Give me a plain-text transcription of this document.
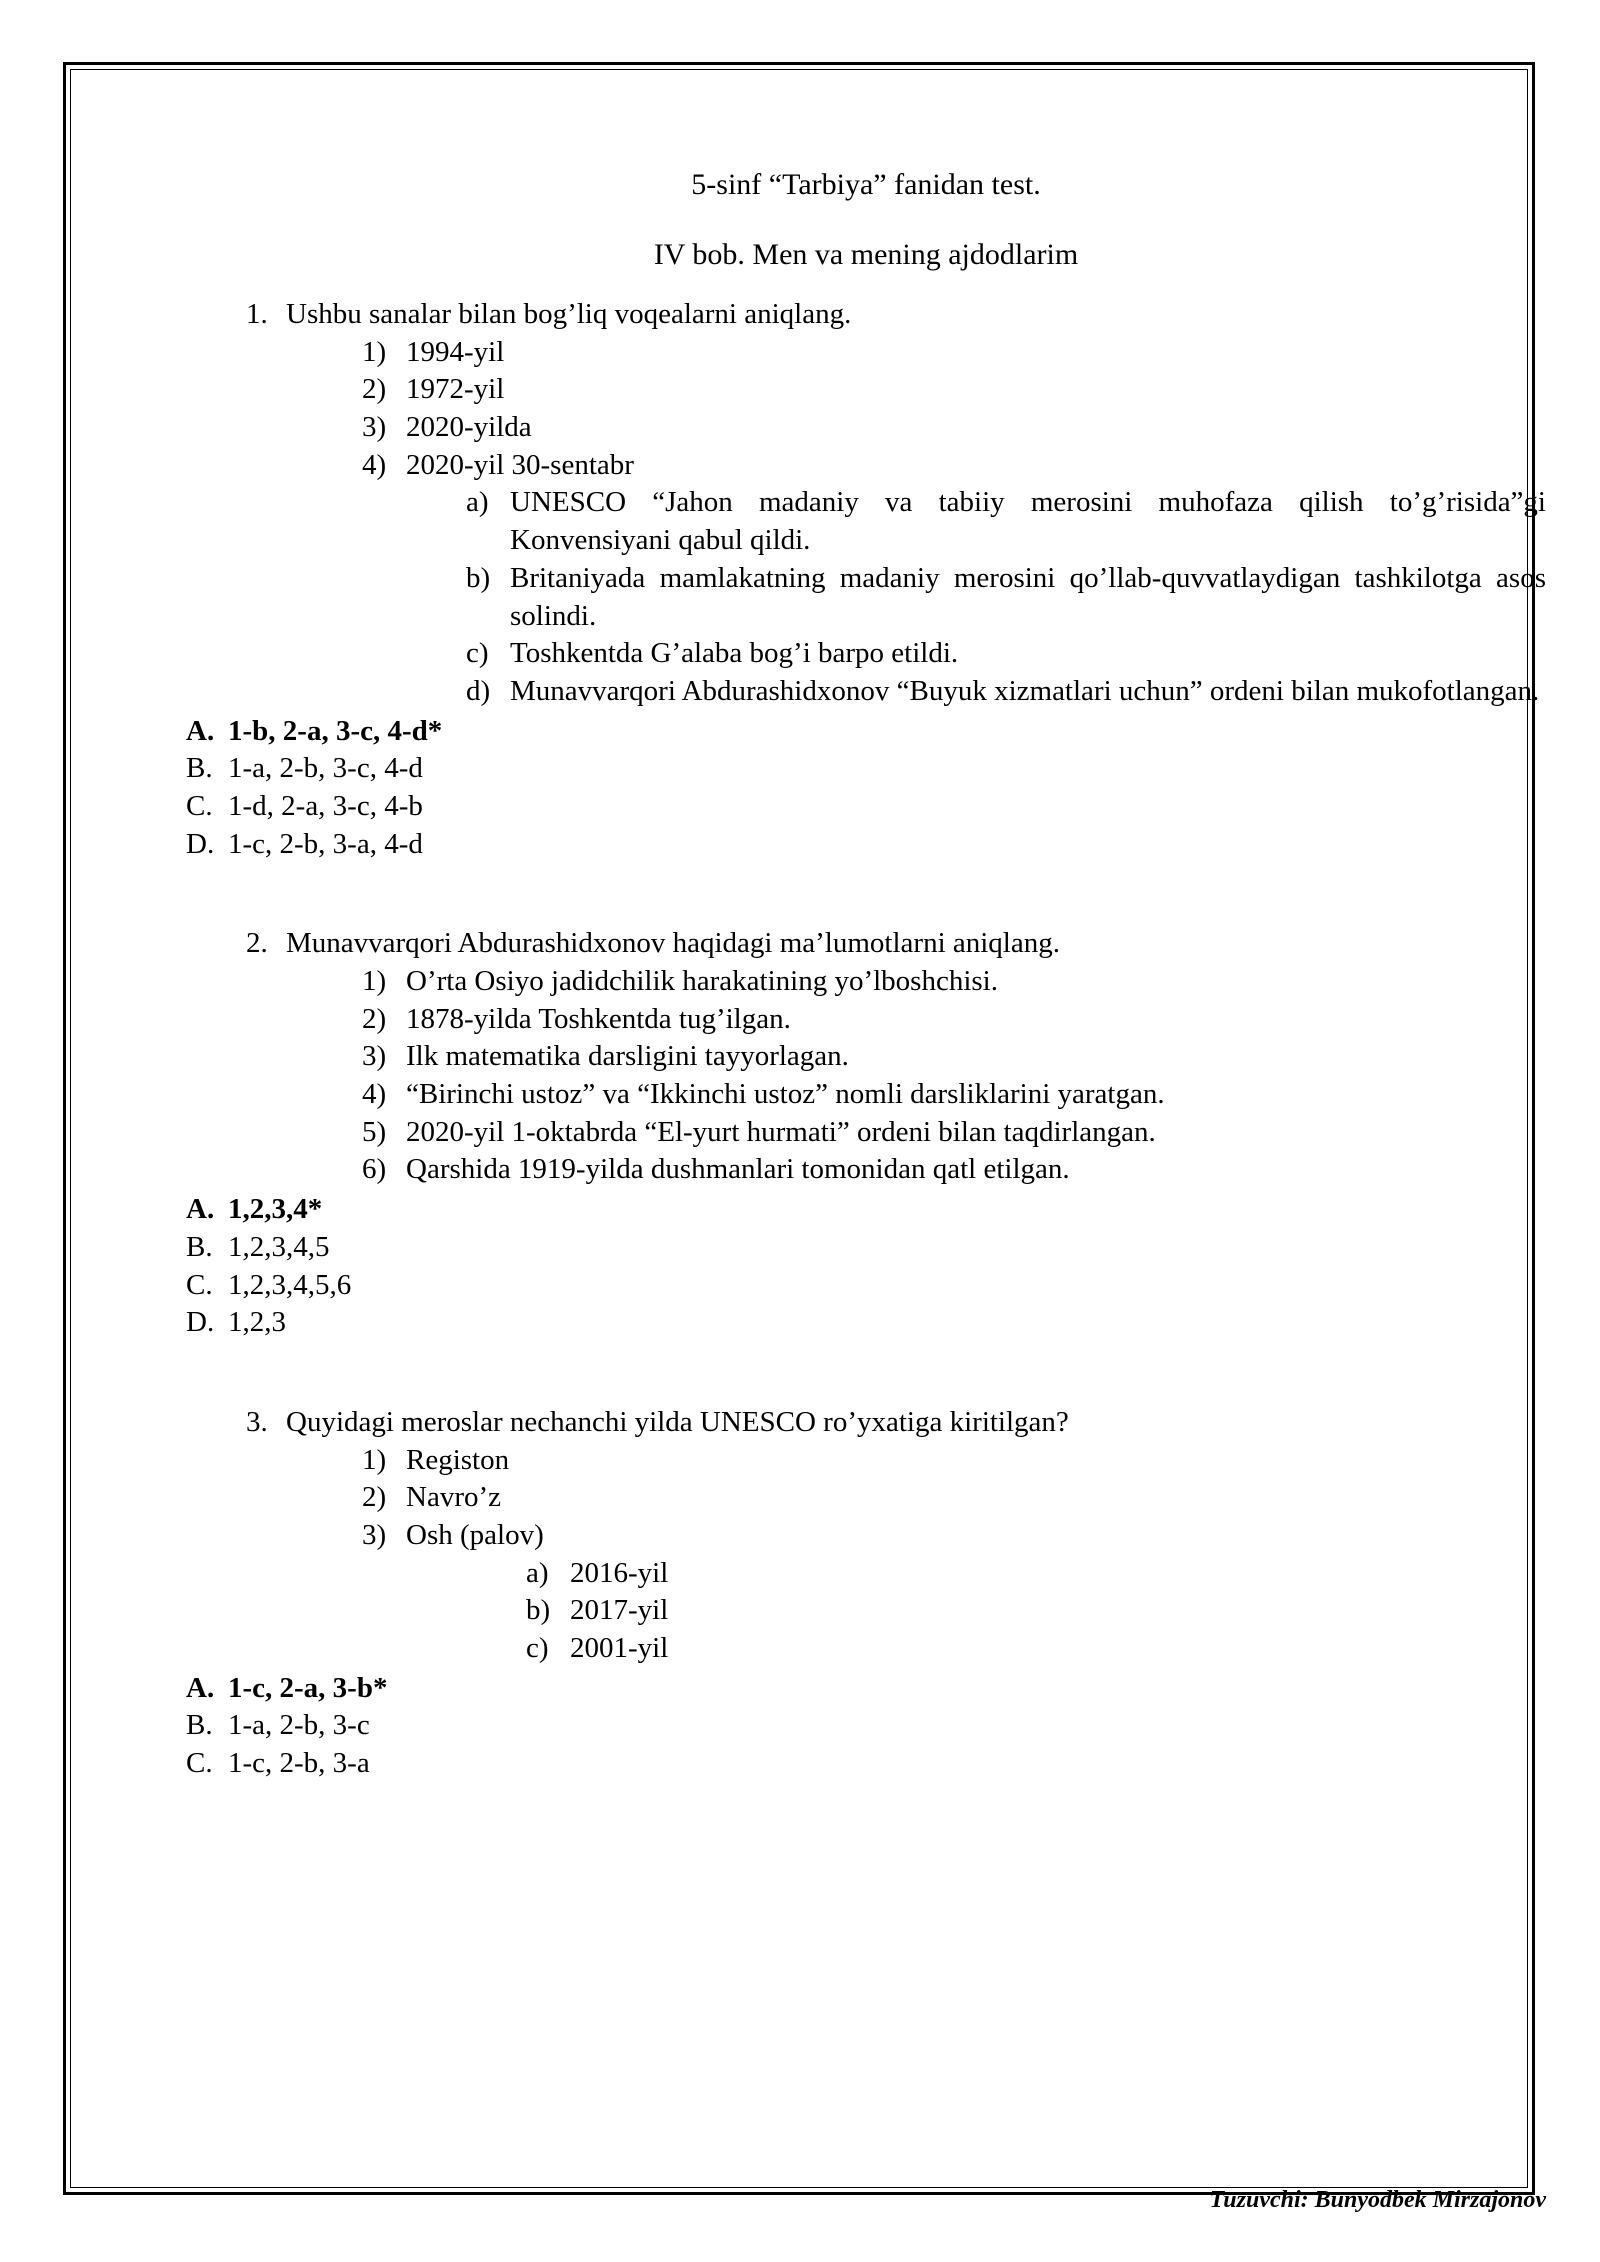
5-sinf “Tarbiya” fanidan test.
IV bob. Men va mening ajdodlarim
1. Ushbu sanalar bilan bog’liq voqealarni aniqlang.
1) 1994-yil
2) 1972-yil
3) 2020-yilda
4) 2020-yil 30-sentabr
a) UNESCO “Jahon madaniy va tabiiy merosini muhofaza qilish to’g’risida”gi Konvensiyani qabul qildi.
b) Britaniyada mamlakatning madaniy merosini qo’llab-quvvatlaydigan tashkilotga asos solindi.
c) Toshkentda G’alaba bog’i barpo etildi.
d) Munavvarqori Abdurashidxonov “Buyuk xizmatlari uchun” ordeni bilan mukofotlangan.
A. 1-b, 2-a, 3-c, 4-d*
B. 1-a, 2-b, 3-c, 4-d
C. 1-d, 2-a, 3-c, 4-b
D. 1-c, 2-b, 3-a, 4-d
2. Munavvarqori Abdurashidxonov haqidagi ma’lumotlarni aniqlang.
1) O’rta Osiyo jadidchilik harakatining yo’lboshchisi.
2) 1878-yilda Toshkentda tug’ilgan.
3) Ilk matematika darsligini tayyorlagan.
4) “Birinchi ustoz” va “Ikkinchi ustoz” nomli darsliklarini yaratgan.
5) 2020-yil 1-oktabrda “El-yurt hurmati” ordeni bilan taqdirlangan.
6) Qarshida 1919-yilda dushmanlari tomonidan qatl etilgan.
A. 1,2,3,4*
B. 1,2,3,4,5
C. 1,2,3,4,5,6
D. 1,2,3
3. Quyidagi meroslar nechanchi yilda UNESCO ro’yxatiga kiritilgan?
1) Registon
2) Navro’z
3) Osh (palov)
a) 2016-yil
b) 2017-yil
c) 2001-yil
A. 1-c, 2-a, 3-b*
B. 1-a, 2-b, 3-c
C. 1-c, 2-b, 3-a
Tuzuvchi: Bunyodbek Mirzajonov
